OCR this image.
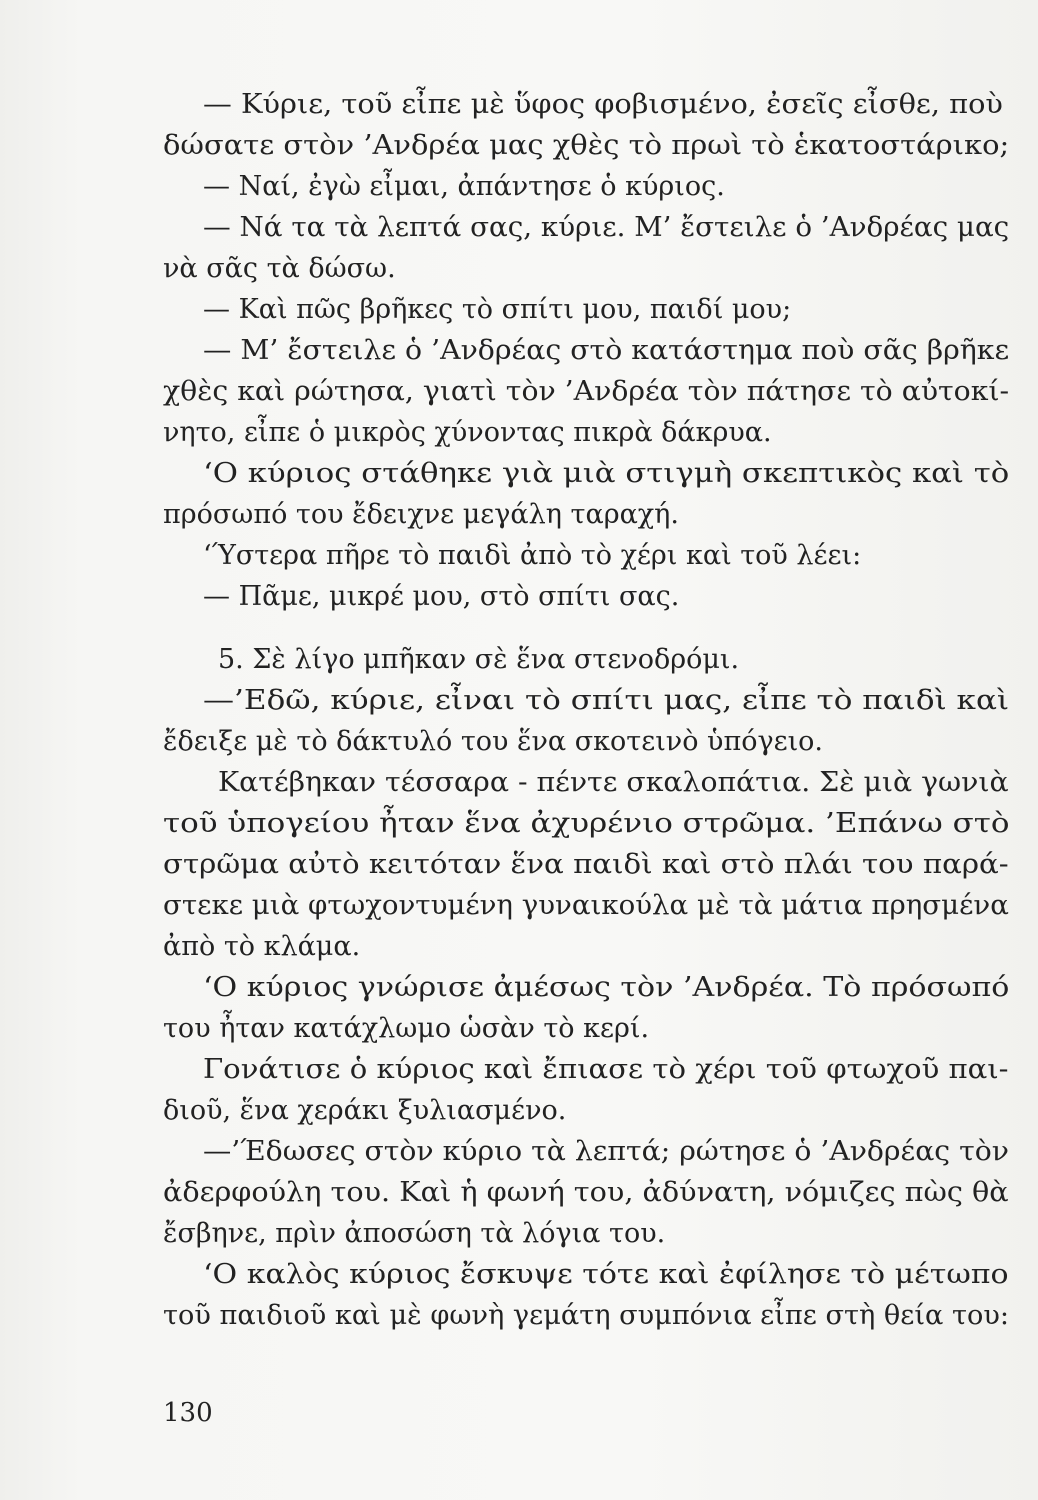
— Κύριε, τοῦ εἶπε μὲ ὕφος φοβισμένο, ἐσεῖς εἶσθε, ποὺ
δώσατε στὸν ’Ανδρέα μας χθὲς τὸ πρωὶ τὸ ἑκατοστάρικο;
— Ναί, ἐγὼ εἶμαι, ἀπάντησε ὁ κύριος.
— Νά τα τὰ λεπτά σας, κύριε. Μ’ ἔστειλε ὁ ’Ανδρέας μας
νὰ σᾶς τὰ δώσω.
— Καὶ πῶς βρῆκες τὸ σπίτι μου, παιδί μου;
— Μ’ ἔστειλε ὁ ’Ανδρέας στὸ κατάστημα ποὺ σᾶς βρῆκε
χθὲς καὶ ρώτησα, γιατὶ τὸν ’Ανδρέα τὸν πάτησε τὸ αὐτοκί-
νητο, εἶπε ὁ μικρὸς χύνοντας πικρὰ δάκρυα.
‘Ο κύριος στάθηκε γιὰ μιὰ στιγμὴ σκεπτικὸς καὶ τὸ
πρόσωπό του ἔδειχνε μεγάλη ταραχή.
‘Ύστερα πῆρε τὸ παιδὶ ἀπὸ τὸ χέρι καὶ τοῦ λέει:
— Πᾶμε, μικρέ μου, στὸ σπίτι σας.
5. Σὲ λίγο μπῆκαν σὲ ἕνα στενοδρόμι.
—’Εδῶ, κύριε, εἶναι τὸ σπίτι μας, εἶπε τὸ παιδὶ καὶ
ἔδειξε μὲ τὸ δάκτυλό του ἕνα σκοτεινὸ ὑπόγειο.
Κατέβηκαν τέσσαρα - πέντε σκαλοπάτια. Σὲ μιὰ γωνιὰ
τοῦ ὑπογείου ἦταν ἕνα ἀχυρένιο στρῶμα. ’Επάνω στὸ
στρῶμα αὐτὸ κειτόταν ἕνα παιδὶ καὶ στὸ πλάι του παρά-
στεκε μιὰ φτωχοντυμένη γυναικούλα μὲ τὰ μάτια πρησμένα
ἀπὸ τὸ κλάμα.
‘Ο κύριος γνώρισε ἀμέσως τὸν ’Ανδρέα. Τὸ πρόσωπό
του ἦταν κατάχλωμο ὡσὰν τὸ κερί.
Γονάτισε ὁ κύριος καὶ ἔπιασε τὸ χέρι τοῦ φτωχοῦ παι-
διοῦ, ἕνα χεράκι ξυλιασμένο.
—’Έδωσες στὸν κύριο τὰ λεπτά; ρώτησε ὁ ’Ανδρέας τὸν
ἀδερφούλη του. Καὶ ἡ φωνή του, ἀδύνατη, νόμιζες πὼς θὰ
ἔσβηνε, πρὶν ἀποσώση τὰ λόγια του.
‘Ο καλὸς κύριος ἔσκυψε τότε καὶ ἐφίλησε τὸ μέτωπο
τοῦ παιδιοῦ καὶ μὲ φωνὴ γεμάτη συμπόνια εἶπε στὴ θεία του:
130
